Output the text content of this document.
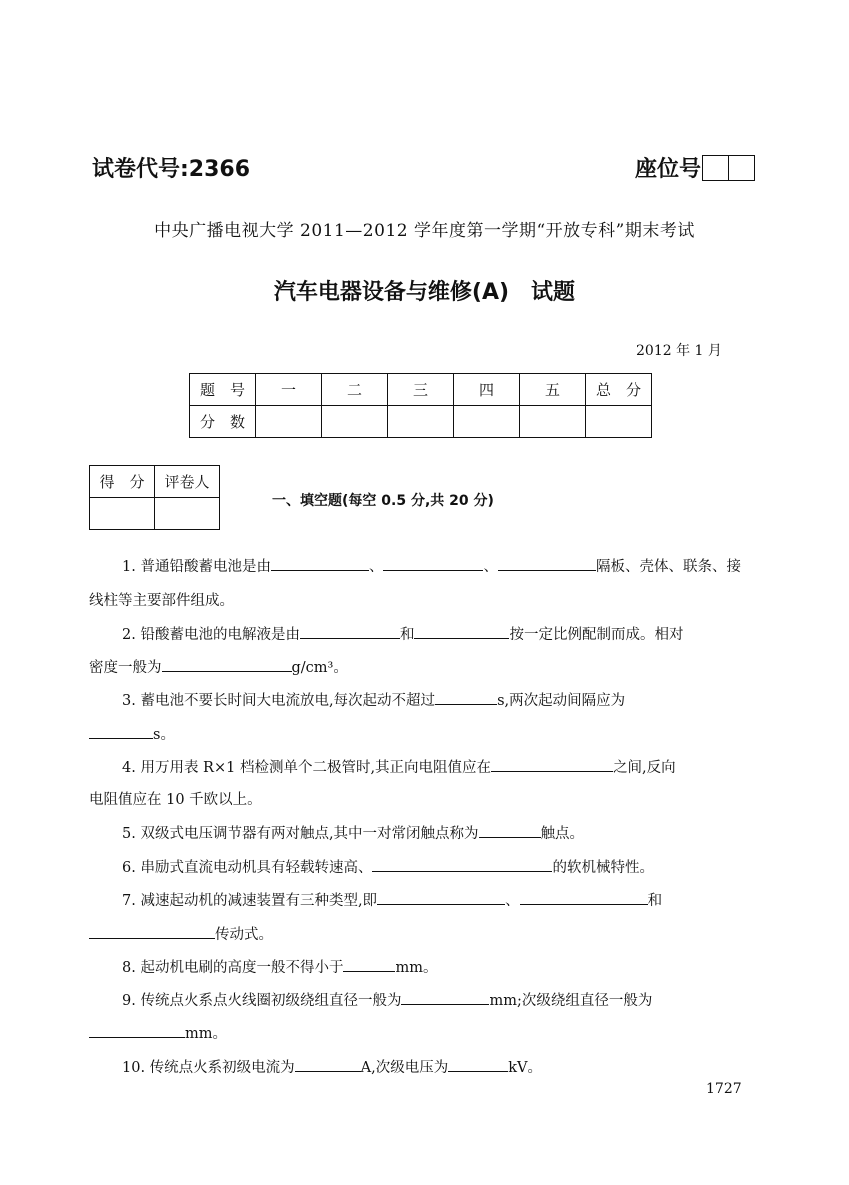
试卷代号:2366	座位号
中央广播电视大学 2011—2012 学年度第一学期“开放专科”期末考试
汽车电器设备与维修(A)　试题
2012 年 1 月
题　号	一	二	三	四	五	总　分
分　数						
得　分	评卷人

一、填空题(每空 0.5 分,共 20 分)
1. 普通铅酸蓄电池是由	、	、	隔板、壳体、联条、接
线柱等主要部件组成。
2. 铅酸蓄电池的电解液是由	和	按一定比例配制而成。相对
密度一般为	g/cm³。
3. 蓄电池不要长时间大电流放电,每次起动不超过	s,两次起动间隔应为
s。
4. 用万用表 R×1 档检测单个二极管时,其正向电阻值应在	之间,反向
电阻值应在 10 千欧以上。
5. 双级式电压调节器有两对触点,其中一对常闭触点称为	触点。
6. 串励式直流电动机具有轻载转速高、	的软机械特性。
7. 减速起动机的减速装置有三种类型,即	、	和
传动式。
8. 起动机电刷的高度一般不得小于	mm。
9. 传统点火系点火线圈初级绕组直径一般为	mm;次级绕组直径一般为
mm。
10. 传统点火系初级电流为	A,次级电压为	kV。
1727
